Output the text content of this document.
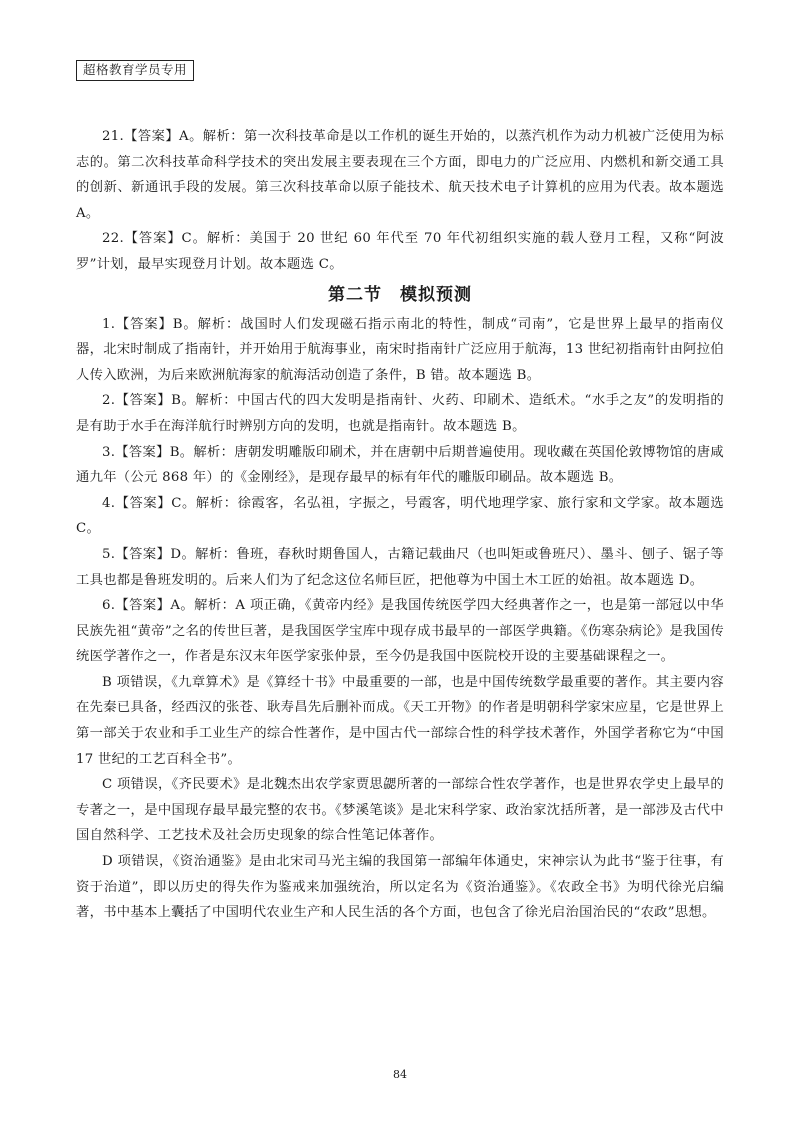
超格教育学员专用

21.【答案】A。解析：第一次科技革命是以工作机的诞生开始的，以蒸汽机作为动力机被广泛使用为标志的。第二次科技革命科学技术的突出发展主要表现在三个方面，即电力的广泛应用、内燃机和新交通工具的创新、新通讯手段的发展。第三次科技革命以原子能技术、航天技术电子计算机的应用为代表。故本题选 A。

22.【答案】C。解析：美国于 20 世纪 60 年代至 70 年代初组织实施的载人登月工程，又称“阿波罗”计划，最早实现登月计划。故本题选 C。

第二节　模拟预测

1.【答案】B。解析：战国时人们发现磁石指示南北的特性，制成“司南”，它是世界上最早的指南仪器，北宋时制成了指南针，并开始用于航海事业，南宋时指南针广泛应用于航海，13 世纪初指南针由阿拉伯人传入欧洲，为后来欧洲航海家的航海活动创造了条件，B 错。故本题选 B。

2.【答案】B。解析：中国古代的四大发明是指南针、火药、印刷术、造纸术。“水手之友”的发明指的是有助于水手在海洋航行时辨别方向的发明，也就是指南针。故本题选 B。

3.【答案】B。解析：唐朝发明雕版印刷术，并在唐朝中后期普遍使用。现收藏在英国伦敦博物馆的唐咸通九年（公元 868 年）的《金刚经》，是现存最早的标有年代的雕版印刷品。故本题选 B。

4.【答案】C。解析：徐霞客，名弘祖，字振之，号霞客，明代地理学家、旅行家和文学家。故本题选 C。

5.【答案】D。解析：鲁班，春秋时期鲁国人，古籍记载曲尺（也叫矩或鲁班尺）、墨斗、刨子、锯子等工具也都是鲁班发明的。后来人们为了纪念这位名师巨匠，把他尊为中国土木工匠的始祖。故本题选 D。

6.【答案】A。解析：A 项正确，《黄帝内经》是我国传统医学四大经典著作之一，也是第一部冠以中华民族先祖“黄帝”之名的传世巨著，是我国医学宝库中现存成书最早的一部医学典籍。《伤寒杂病论》是我国传统医学著作之一，作者是东汉末年医学家张仲景，至今仍是我国中医院校开设的主要基础课程之一。

B 项错误，《九章算术》是《算经十书》中最重要的一部，也是中国传统数学最重要的著作。其主要内容在先秦已具备，经西汉的张苍、耿寿昌先后删补而成。《天工开物》的作者是明朝科学家宋应星，它是世界上第一部关于农业和手工业生产的综合性著作，是中国古代一部综合性的科学技术著作，外国学者称它为“中国 17 世纪的工艺百科全书”。

C 项错误，《齐民要术》是北魏杰出农学家贾思勰所著的一部综合性农学著作，也是世界农学史上最早的专著之一，是中国现存最早最完整的农书。《梦溪笔谈》是北宋科学家、政治家沈括所著，是一部涉及古代中国自然科学、工艺技术及社会历史现象的综合性笔记体著作。

D 项错误，《资治通鉴》是由北宋司马光主编的我国第一部编年体通史，宋神宗认为此书“鉴于往事，有资于治道”，即以历史的得失作为鉴戒来加强统治，所以定名为《资治通鉴》。《农政全书》为明代徐光启编著，书中基本上囊括了中国明代农业生产和人民生活的各个方面，也包含了徐光启治国治民的“农政”思想。

84
